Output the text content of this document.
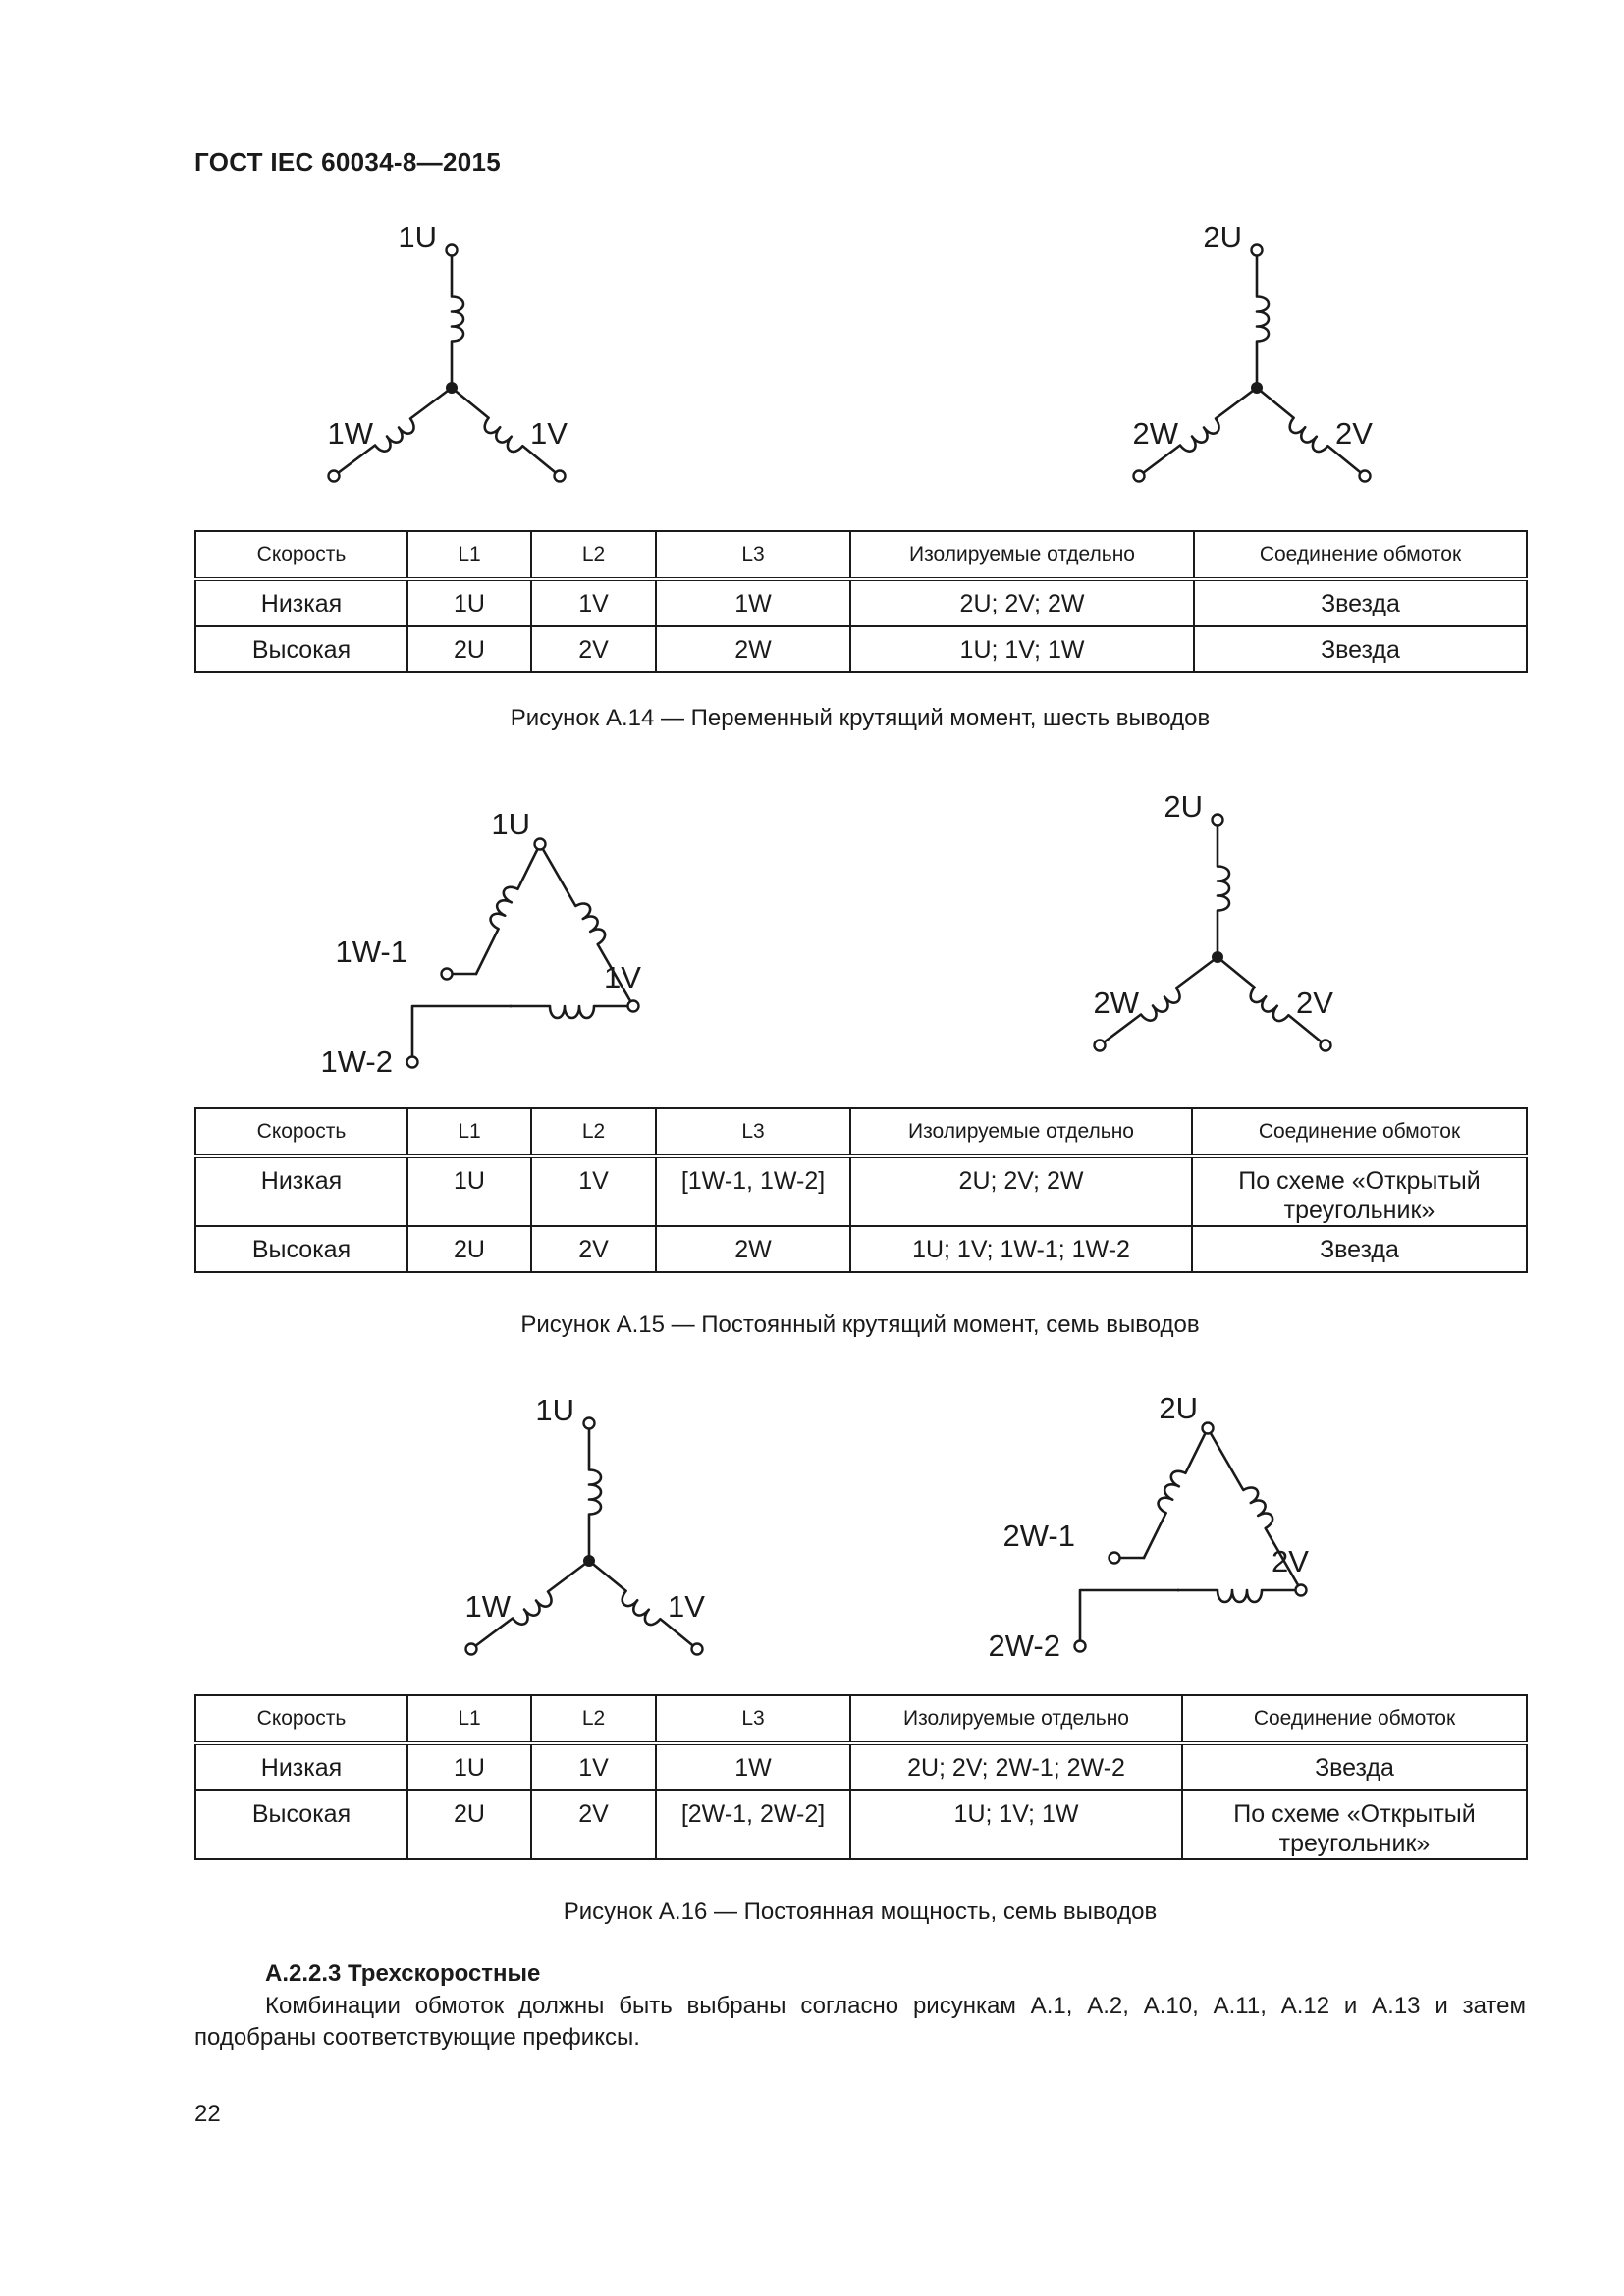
ГОСТ IEC 60034-8—2015
1U
1V
1W
2U
2V
2W
Скорость	L1	L2	L3	Изолируемые отдельно	Соединение обмоток
Низкая	1U	1V	1W	2U; 2V; 2W	Звезда
Высокая	2U	2V	2W	1U; 1V; 1W	Звезда
Рисунок А.14 — Переменный крутящий момент, шесть выводов
1U
1V
1W-1
1W-2
2U
2V
2W
Скорость	L1	L2	L3	Изолируемые отдельно	Соединение обмоток
Низкая	1U	1V	[1W-1, 1W-2]	2U; 2V; 2W	По схеме «Открытый треугольник»
Высокая	2U	2V	2W	1U; 1V; 1W-1; 1W-2	Звезда
Рисунок А.15 — Постоянный крутящий момент, семь выводов
1U
1V
1W
2U
2V
2W-1
2W-2
Скорость	L1	L2	L3	Изолируемые отдельно	Соединение обмоток
Низкая	1U	1V	1W	2U; 2V; 2W-1; 2W-2	Звезда
Высокая	2U	2V	[2W-1, 2W-2]	1U; 1V; 1W	По схеме «Открытый треугольник»
Рисунок А.16 — Постоянная мощность, семь выводов
А.2.2.3 Трехскоростные
Комбинации обмоток должны быть выбраны согласно рисункам А.1, А.2, А.10, А.11, А.12 и А.13 и затем подобраны соответствующие префиксы.
22
